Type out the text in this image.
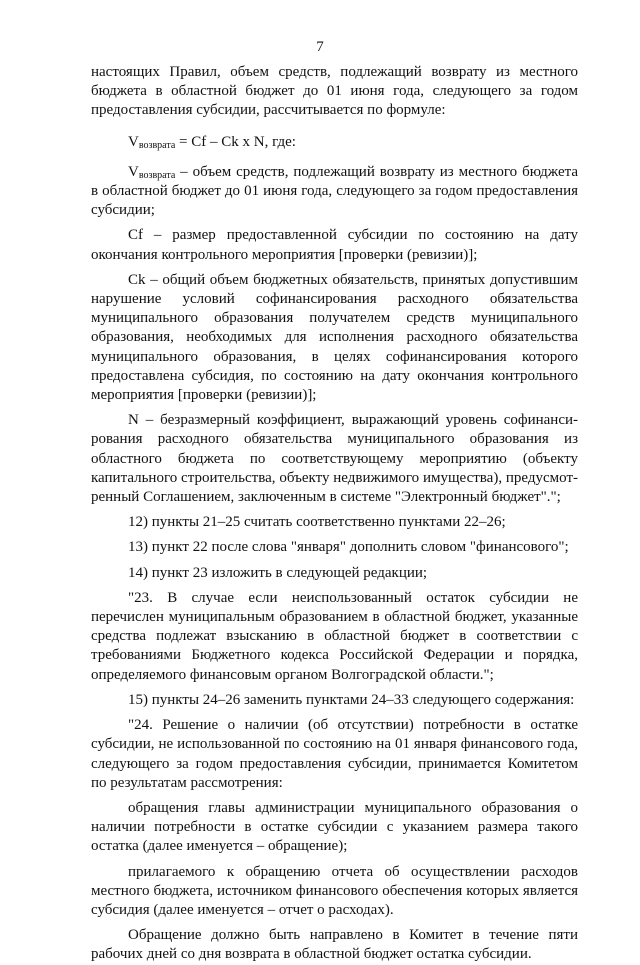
7

настоящих Правил, объем средств, подлежащий возврату из местного бюджета в областной бюджет до 01 июня года, следующего за годом предоставления субсидии, рассчитывается по формуле:

$V_{возврата} = Cf - Ck$ x N, где:

$V_{возврата}$ – объем средств, подлежащий возврату из местного бюджета в областной бюджет до 01 июня года, следующего за годом предоставления субсидии;

Cf – размер предоставленной субсидии по состоянию на дату окончания контрольного мероприятия [проверки (ревизии)];

Ck – общий объем бюджетных обязательств, принятых допустившим нарушение условий софинансирования расходного обязательства муниципального образования получателем средств муниципального образования, необходимых для исполнения расходного обязательства муниципального образования, в целях софинансирования которого предоставлена субсидия, по состоянию на дату окончания контрольного мероприятия [проверки (ревизии)];

N – безразмерный коэффициент, выражающий уровень софинанси-рования расходного обязательства муниципального образования из областного бюджета по соответствующему мероприятию (объекту капитального строительства, объекту недвижимого имущества), предусмот-ренный Соглашением, заключенным в системе "Электронный бюджет".";

12) пункты 21–25 считать соответственно пунктами 22–26;

13) пункт 22 после слова "января" дополнить словом "финансового";

14) пункт 23 изложить в следующей редакции;

"23. В случае если неиспользованный остаток субсидии не перечислен муниципальным образованием в областной бюджет, указанные средства подлежат взысканию в областной бюджет в соответствии с требованиями Бюджетного кодекса Российской Федерации и порядка, определяемого финансовым органом Волгоградской области.";

15) пункты 24–26 заменить пунктами 24–33 следующего содержания:

"24. Решение о наличии (об отсутствии) потребности в остатке субсидии, не использованной по состоянию на 01 января финансового года, следующего за годом предоставления субсидии, принимается Комитетом по результатам рассмотрения:

обращения главы администрации муниципального образования о наличии потребности в остатке субсидии с указанием размера такого остатка (далее именуется – обращение);

прилагаемого к обращению отчета об осуществлении расходов местного бюджета, источником финансового обеспечения которых является субсидия (далее именуется – отчет о расходах).

Обращение должно быть направлено в Комитет в течение пяти рабочих дней со дня возврата в областной бюджет остатка субсидии.
